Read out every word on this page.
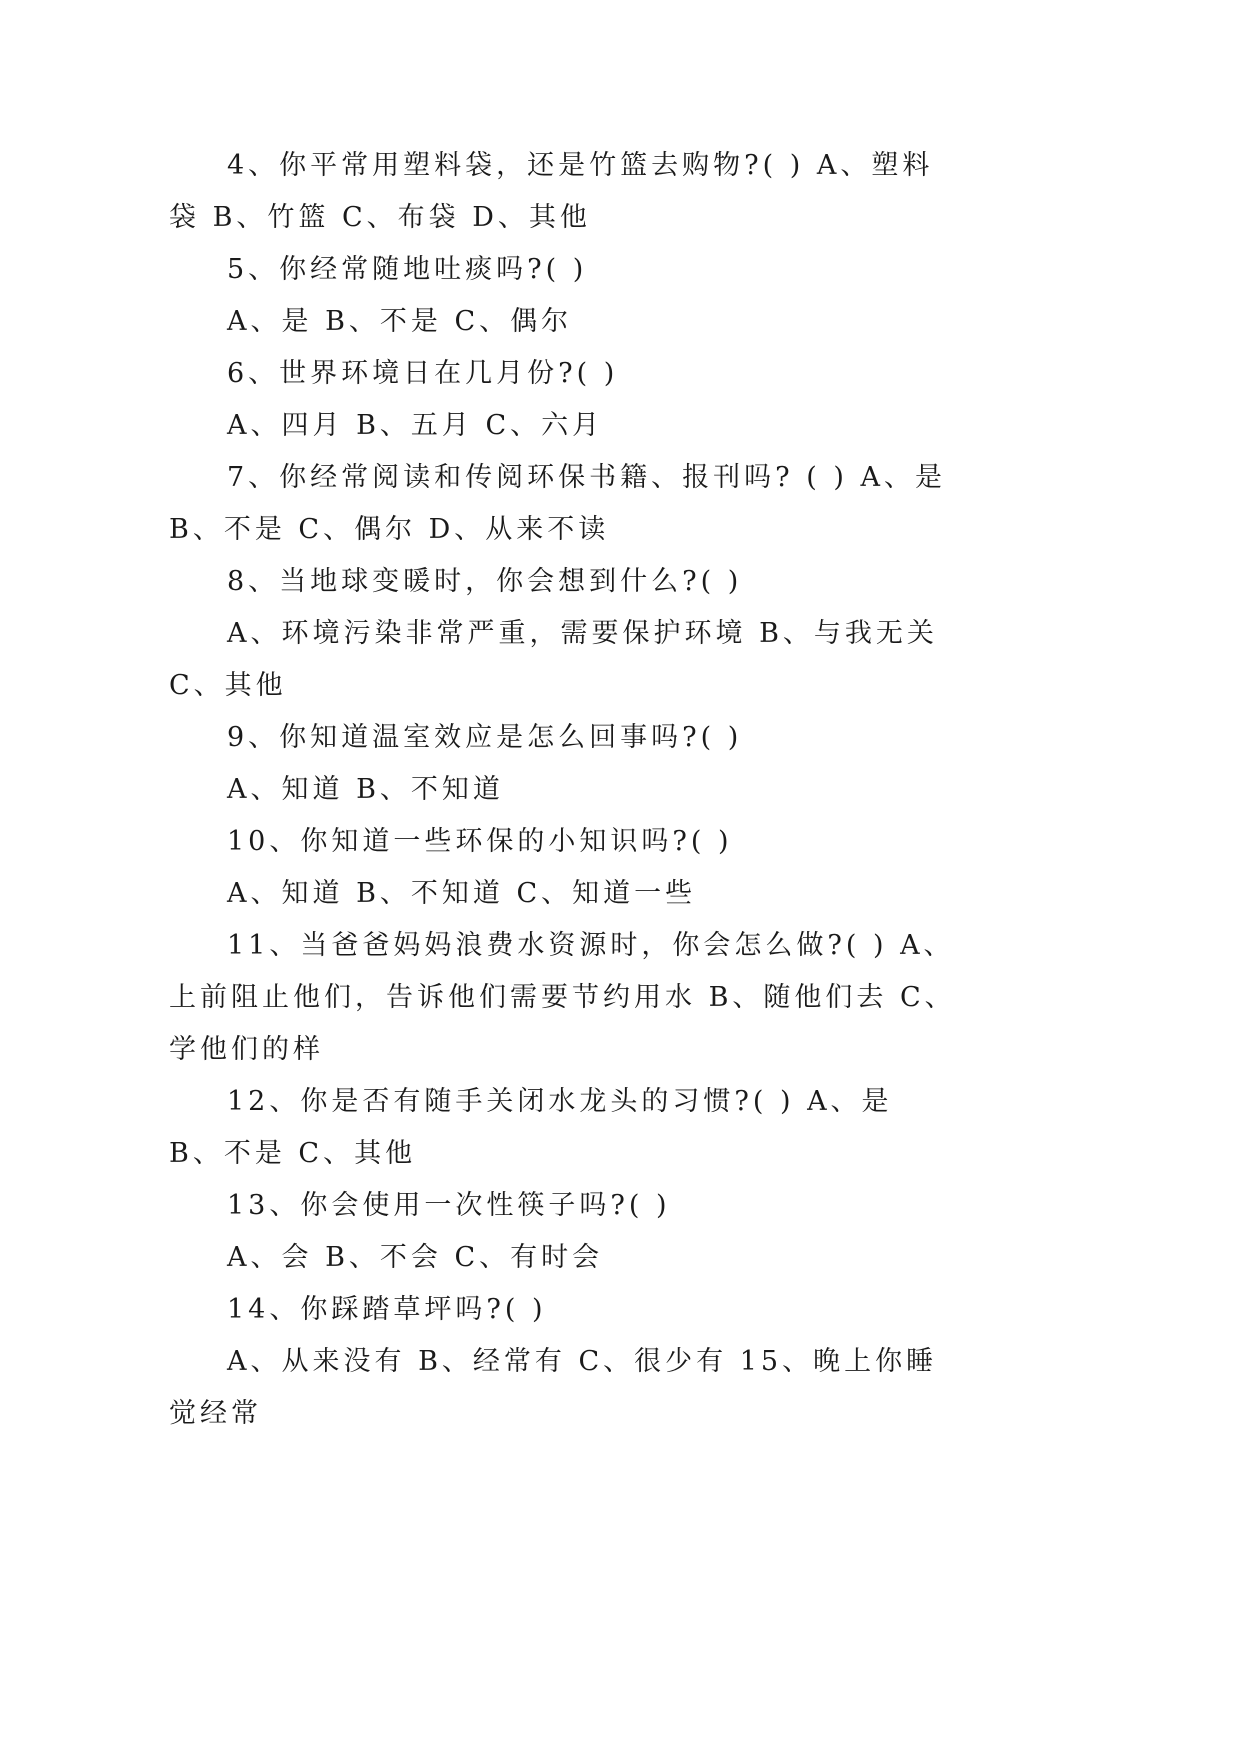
4、你平常用塑料袋，还是竹篮去购物?( ) A、塑料袋 B、竹篮 C、布袋 D、其他

5、你经常随地吐痰吗?( )

A、是 B、不是 C、偶尔

6、世界环境日在几月份?( )

A、四月 B、五月 C、六月

7、你经常阅读和传阅环保书籍、报刊吗? ( ) A、是 B、不是 C、偶尔 D、从来不读

8、当地球变暖时，你会想到什么?( )

A、环境污染非常严重，需要保护环境 B、与我无关 C、其他

9、你知道温室效应是怎么回事吗?( )

A、知道 B、不知道

10、你知道一些环保的小知识吗?( )

A、知道 B、不知道 C、知道一些

11、当爸爸妈妈浪费水资源时，你会怎么做?( ) A、上前阻止他们，告诉他们需要节约用水 B、随他们去 C、学他们的样

12、你是否有随手关闭水龙头的习惯?( ) A、是 B、不是 C、其他

13、你会使用一次性筷子吗?( )

A、会 B、不会 C、有时会

14、你踩踏草坪吗?( )

A、从来没有 B、经常有 C、很少有 15、晚上你睡觉经常
